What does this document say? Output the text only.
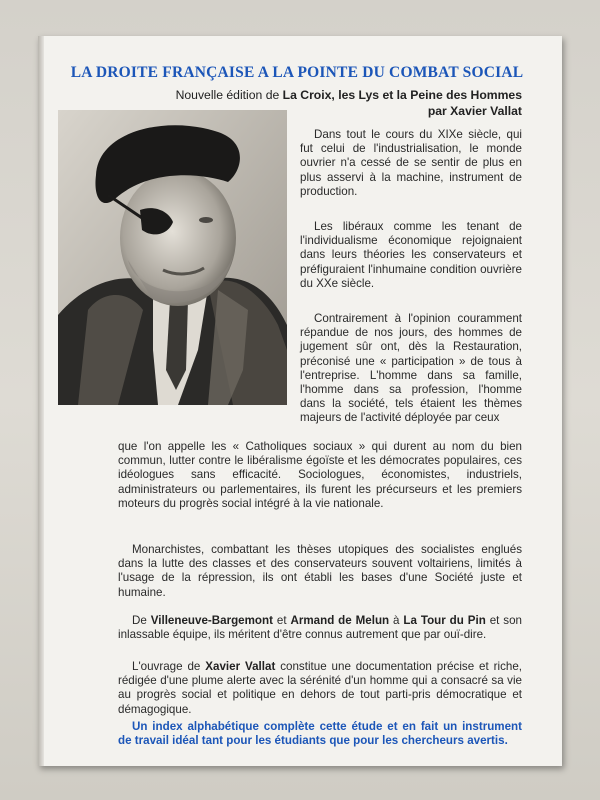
LA DROITE FRANÇAISE A LA POINTE DU COMBAT SOCIAL
Nouvelle édition de La Croix, les Lys et la Peine des Hommes
par Xavier Vallat
Dans tout le cours du XIXe siècle, qui fut celui de l'industrialisation, le monde ouvrier n'a cessé de se sentir de plus en plus asservi à la machine, instrument de production.
Les libéraux comme les tenant de l'individualisme économique rejoignaient dans leurs théories les conservateurs et préfiguraient l'inhumaine condition ouvrière du XXe siècle.
Contrairement à l'opinion couramment répandue de nos jours, des hommes de jugement sûr ont, dès la Restauration, préconisé une « participation » de tous à l'entreprise. L'homme dans sa famille, l'homme dans sa profession, l'homme dans la société, tels étaient les thèmes majeurs de l'activité déployée par ceux
que l'on appelle les « Catholiques sociaux » qui durent au nom du bien commun, lutter contre le libéralisme égoïste et les démocrates populaires, ces idéologues sans efficacité. Sociologues, économistes, industriels, administrateurs ou parlementaires, ils furent les précurseurs et les premiers moteurs du progrès social intégré à la vie nationale.
Monarchistes, combattant les thèses utopiques des socialistes englués dans la lutte des classes et des conservateurs souvent voltairiens, limités à l'usage de la répression, ils ont établi les bases d'une Société juste et humaine.
De Villeneuve-Bargemont et Armand de Melun à La Tour du Pin et son inlassable équipe, ils méritent d'être connus autrement que par ouï-dire.
L'ouvrage de Xavier Vallat constitue une documentation précise et riche, rédigée d'une plume alerte avec la sérénité d'un homme qui a consacré sa vie au progrès social et politique en dehors de tout parti-pris démocratique et démagogique.
Un index alphabétique complète cette étude et en fait un instrument de travail idéal tant pour les étudiants que pour les chercheurs avertis.
